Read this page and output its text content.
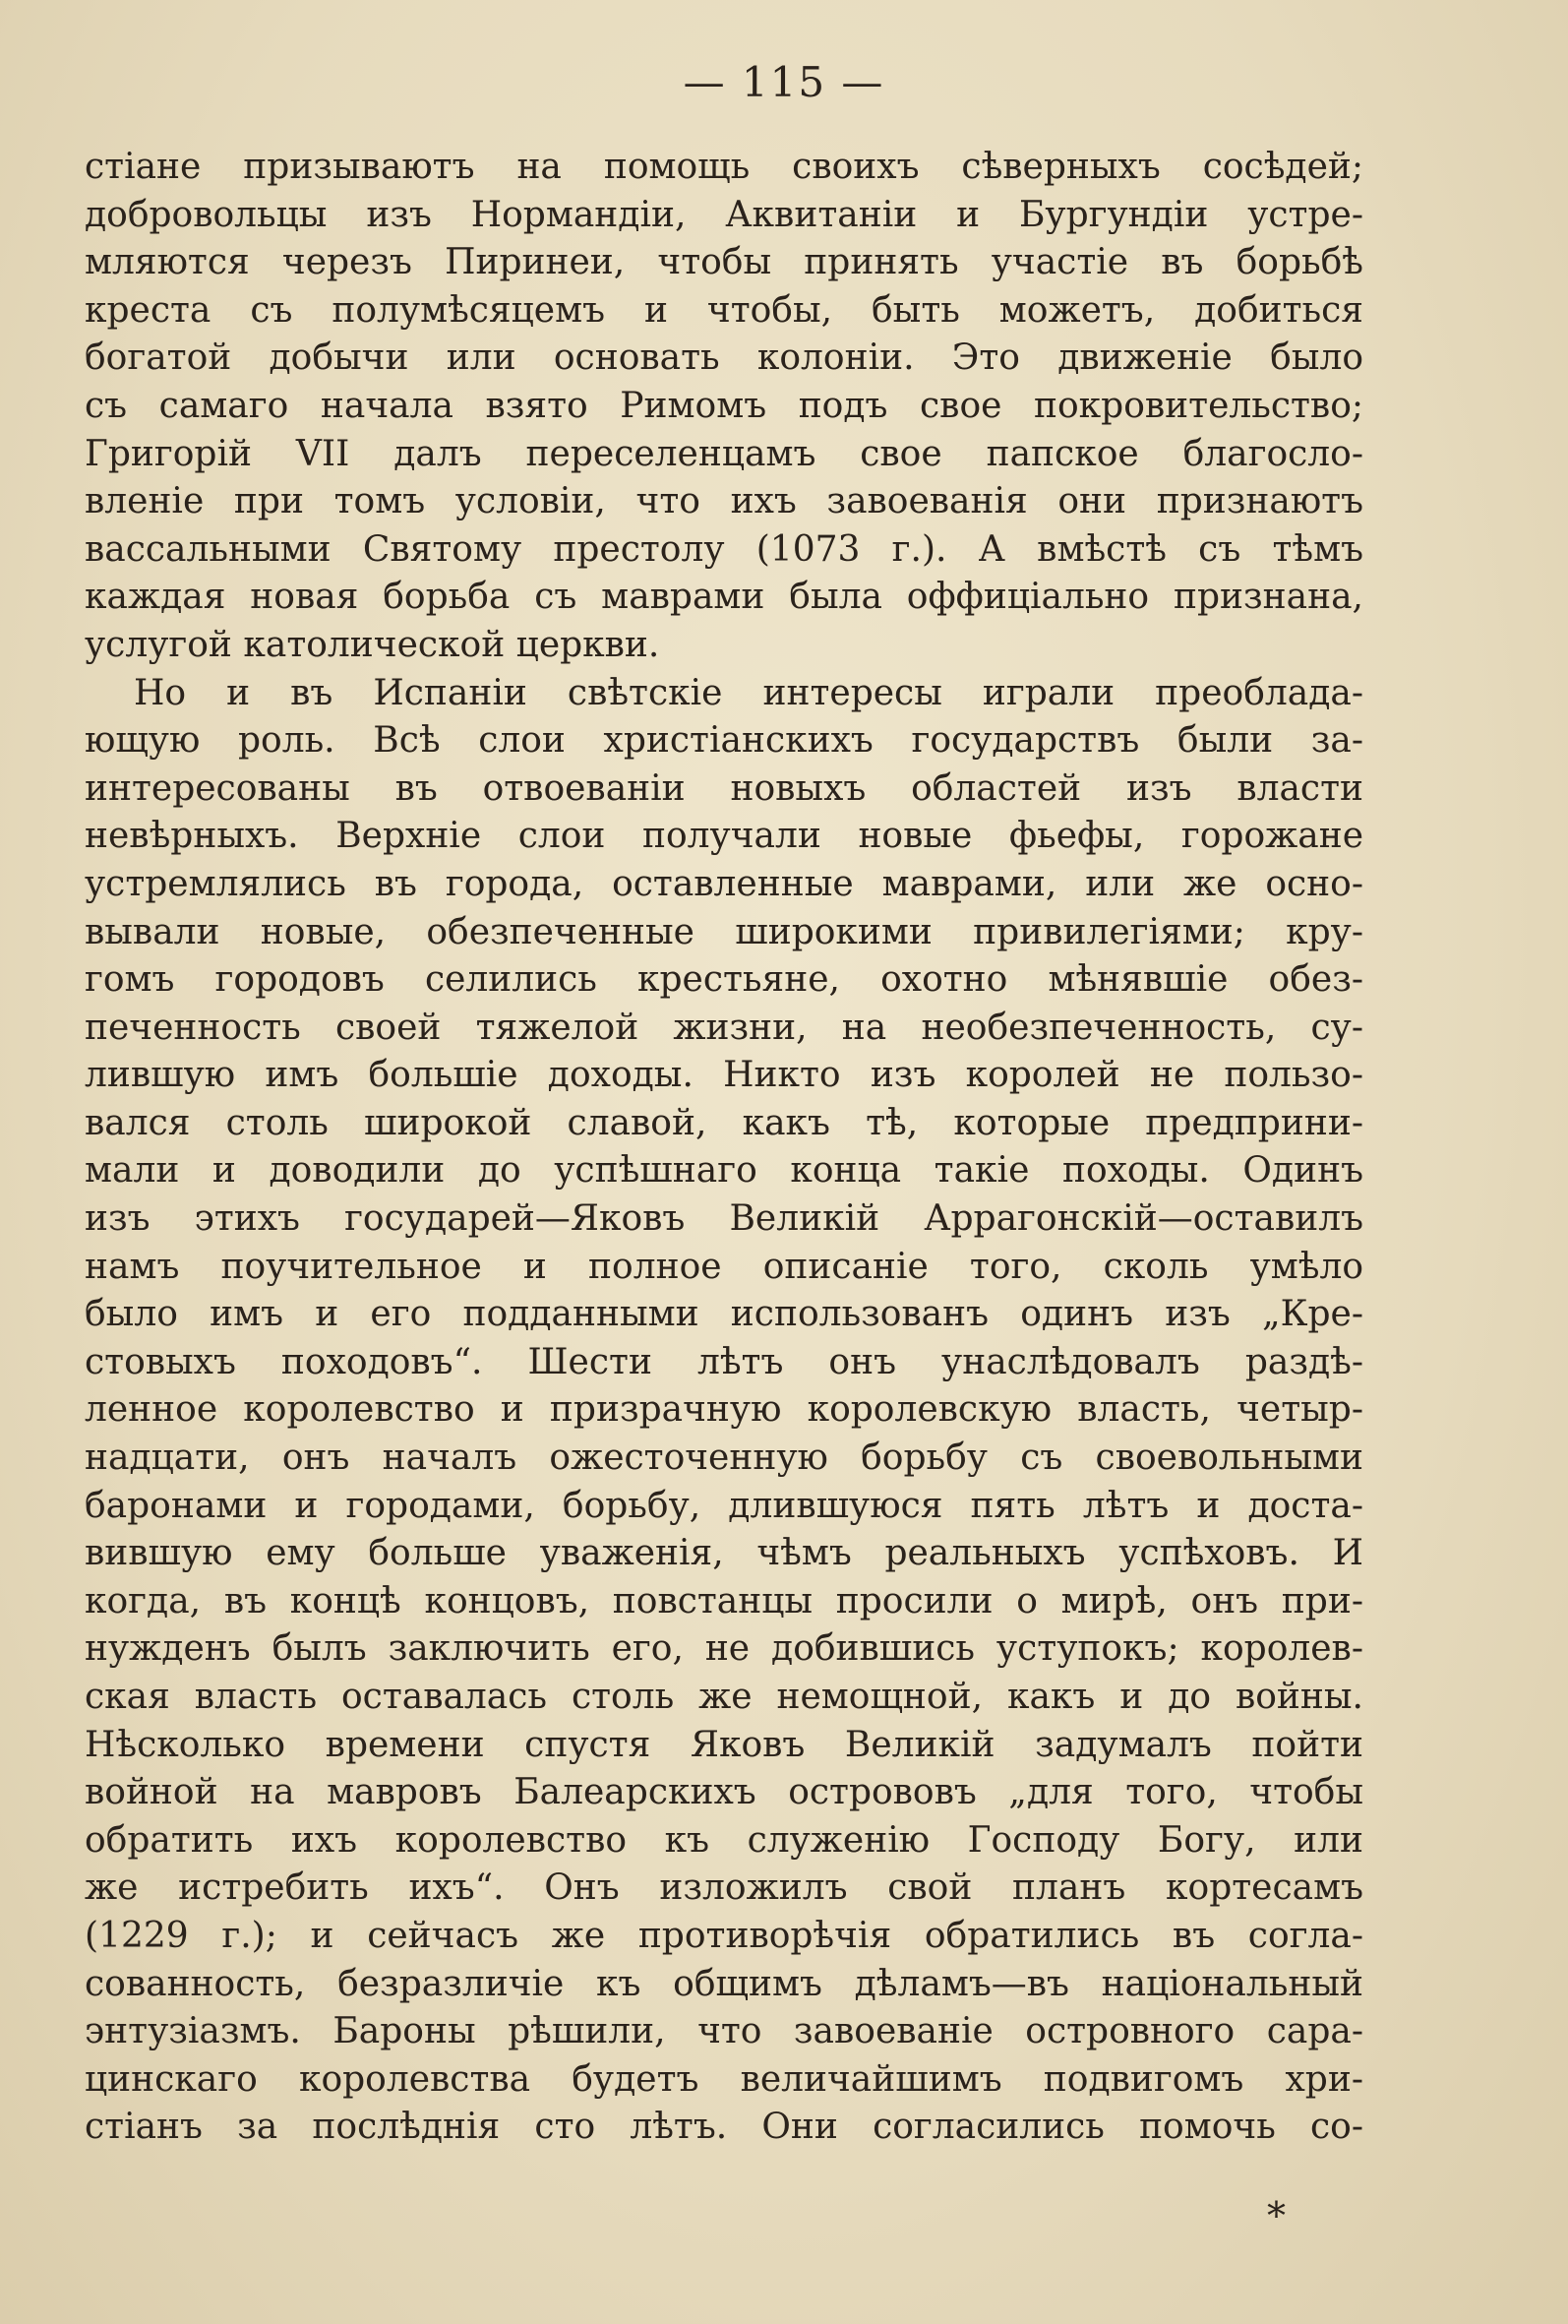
— 115 —
стіане призываютъ на помощь своихъ сѣверныхъ сосѣдей;
добровольцы изъ Нормандіи, Аквитаніи и Бургундіи устре-
мляются черезъ Пиринеи, чтобы принять участіе въ борьбѣ
креста съ полумѣсяцемъ и чтобы, быть можетъ, добиться
богатой добычи или основать колоніи. Это движеніе было
съ самаго начала взято Римомъ подъ свое покровительство;
Григорій VII далъ переселенцамъ свое папское благосло-
вленіе при томъ условіи, что ихъ завоеванія они признаютъ
вассальными Святому престолу (1073 г.). А вмѣстѣ съ тѣмъ
каждая новая борьба съ маврами была оффиціально признана,
услугой католической церкви.
Но и въ Испаніи свѣтскіе интересы играли преоблада-
ющую роль. Всѣ слои христіанскихъ государствъ были за-
интересованы въ отвоеваніи новыхъ областей изъ власти
невѣрныхъ. Верхніе слои получали новые фьефы, горожане
устремлялись въ города, оставленные маврами, или же осно-
вывали новые, обезпеченные широкими привилегіями; кру-
гомъ городовъ селились крестьяне, охотно мѣнявшіе обез-
печенность своей тяжелой жизни, на необезпеченность, су-
лившую имъ большіе доходы. Никто изъ королей не пользо-
вался столь широкой славой, какъ тѣ, которые предприни-
мали и доводили до успѣшнаго конца такіе походы. Одинъ
изъ этихъ государей—Яковъ Великій Аррагонскій—оставилъ
намъ поучительное и полное описаніе того, сколь умѣло
было имъ и его подданными использованъ одинъ изъ „Кре-
стовыхъ походовъ“. Шести лѣтъ онъ унаслѣдовалъ раздѣ-
ленное королевство и призрачную королевскую власть, четыр-
надцати, онъ началъ ожесточенную борьбу съ своевольными
баронами и городами, борьбу, длившуюся пять лѣтъ и доста-
вившую ему больше уваженія, чѣмъ реальныхъ успѣховъ. И
когда, въ концѣ концовъ, повстанцы просили о мирѣ, онъ при-
нужденъ былъ заключить его, не добившись уступокъ; королев-
ская власть оставалась столь же немощной, какъ и до войны.
Нѣсколько времени спустя Яковъ Великій задумалъ пойти
войной на мавровъ Балеарскихъ острововъ „для того, чтобы
обратить ихъ королевство къ служенію Господу Богу, или
же истребить ихъ“. Онъ изложилъ свой планъ кортесамъ
(1229 г.); и сейчасъ же противорѣчія обратились въ согла-
сованность, безразличіе къ общимъ дѣламъ—въ національный
энтузіазмъ. Бароны рѣшили, что завоеваніе островного сара-
цинскаго королевства будетъ величайшимъ подвигомъ хри-
стіанъ за послѣднія сто лѣтъ. Они согласились помочь со-
*
